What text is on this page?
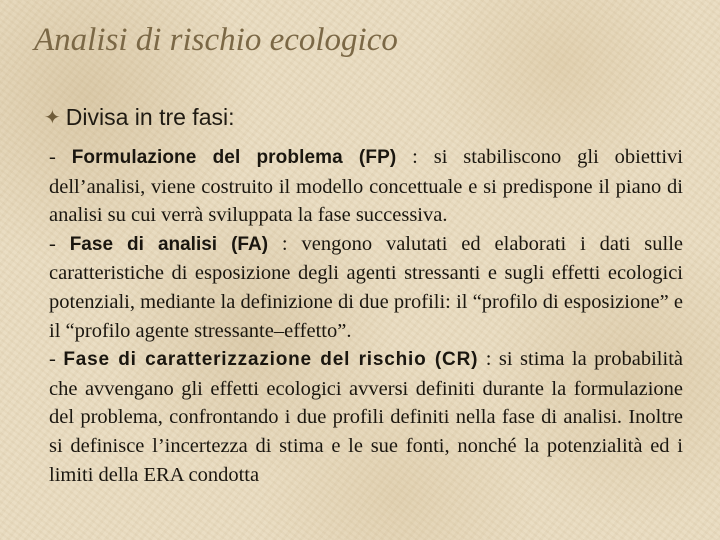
Analisi di rischio ecologico
✦ Divisa in tre fasi:

- Formulazione del problema (FP) : si stabiliscono gli obiettivi dell’analisi, viene costruito il modello concettuale e si predispone il piano di analisi su cui verrà sviluppata la fase successiva.

- Fase di analisi (FA) : vengono valutati ed elaborati i dati sulle caratteristiche di esposizione degli agenti stressanti e sugli effetti ecologici potenziali, mediante la definizione di due profili: il “profilo di esposizione” e il “profilo agente stressante–effetto”.

- Fase di caratterizzazione del rischio (CR) : si stima la probabilità che avvengano gli effetti ecologici avversi definiti durante la formulazione del problema, confrontando i due profili definiti nella fase di analisi. Inoltre si definisce l’incertezza di stima e le sue fonti, nonché la potenzialità ed i limiti della ERA condotta
